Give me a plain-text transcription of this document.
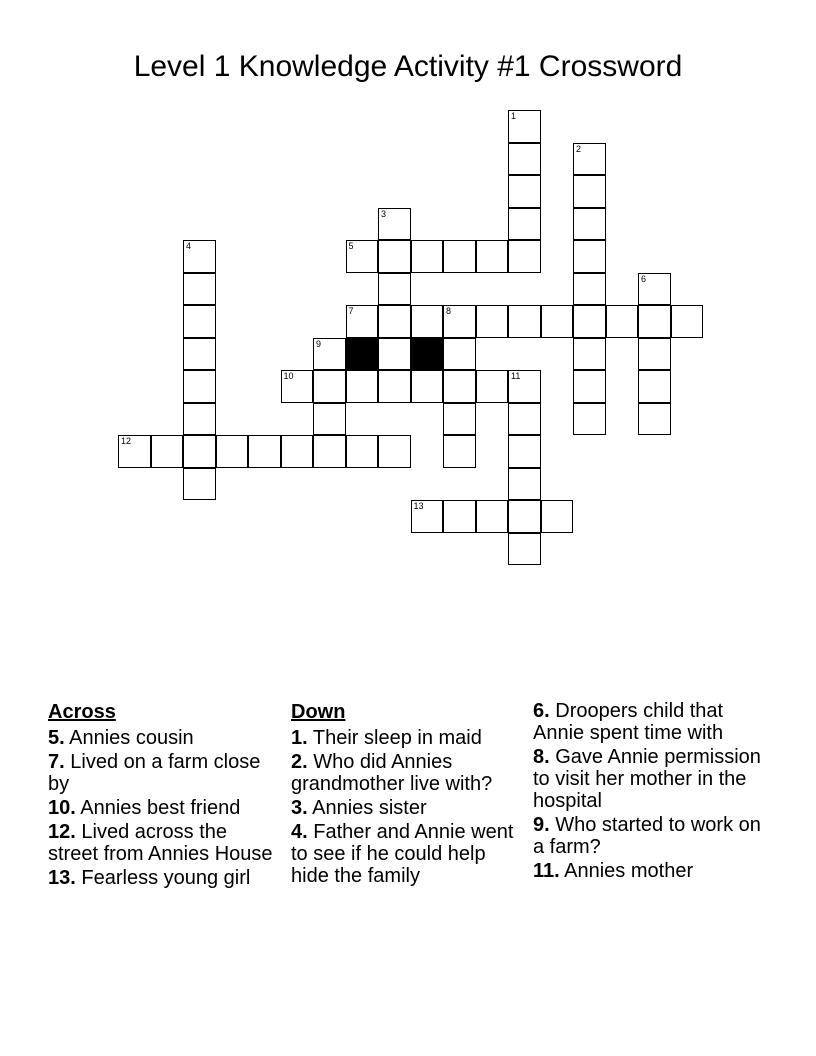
Level 1 Knowledge Activity #1 Crossword
1
2
3
4	5
6
7	8
9
10	11
12
13
Across
5. Annies cousin
7. Lived on a farm close by
10. Annies best friend
12. Lived across the street from Annies House
13. Fearless young girl
Down
1. Their sleep in maid
2. Who did Annies grandmother live with?
3. Annies sister
4. Father and Annie went to see if he could help hide the family
6. Droopers child that Annie spent time with
8. Gave Annie permission to visit her mother in the hospital
9. Who started to work on a farm?
11. Annies mother
